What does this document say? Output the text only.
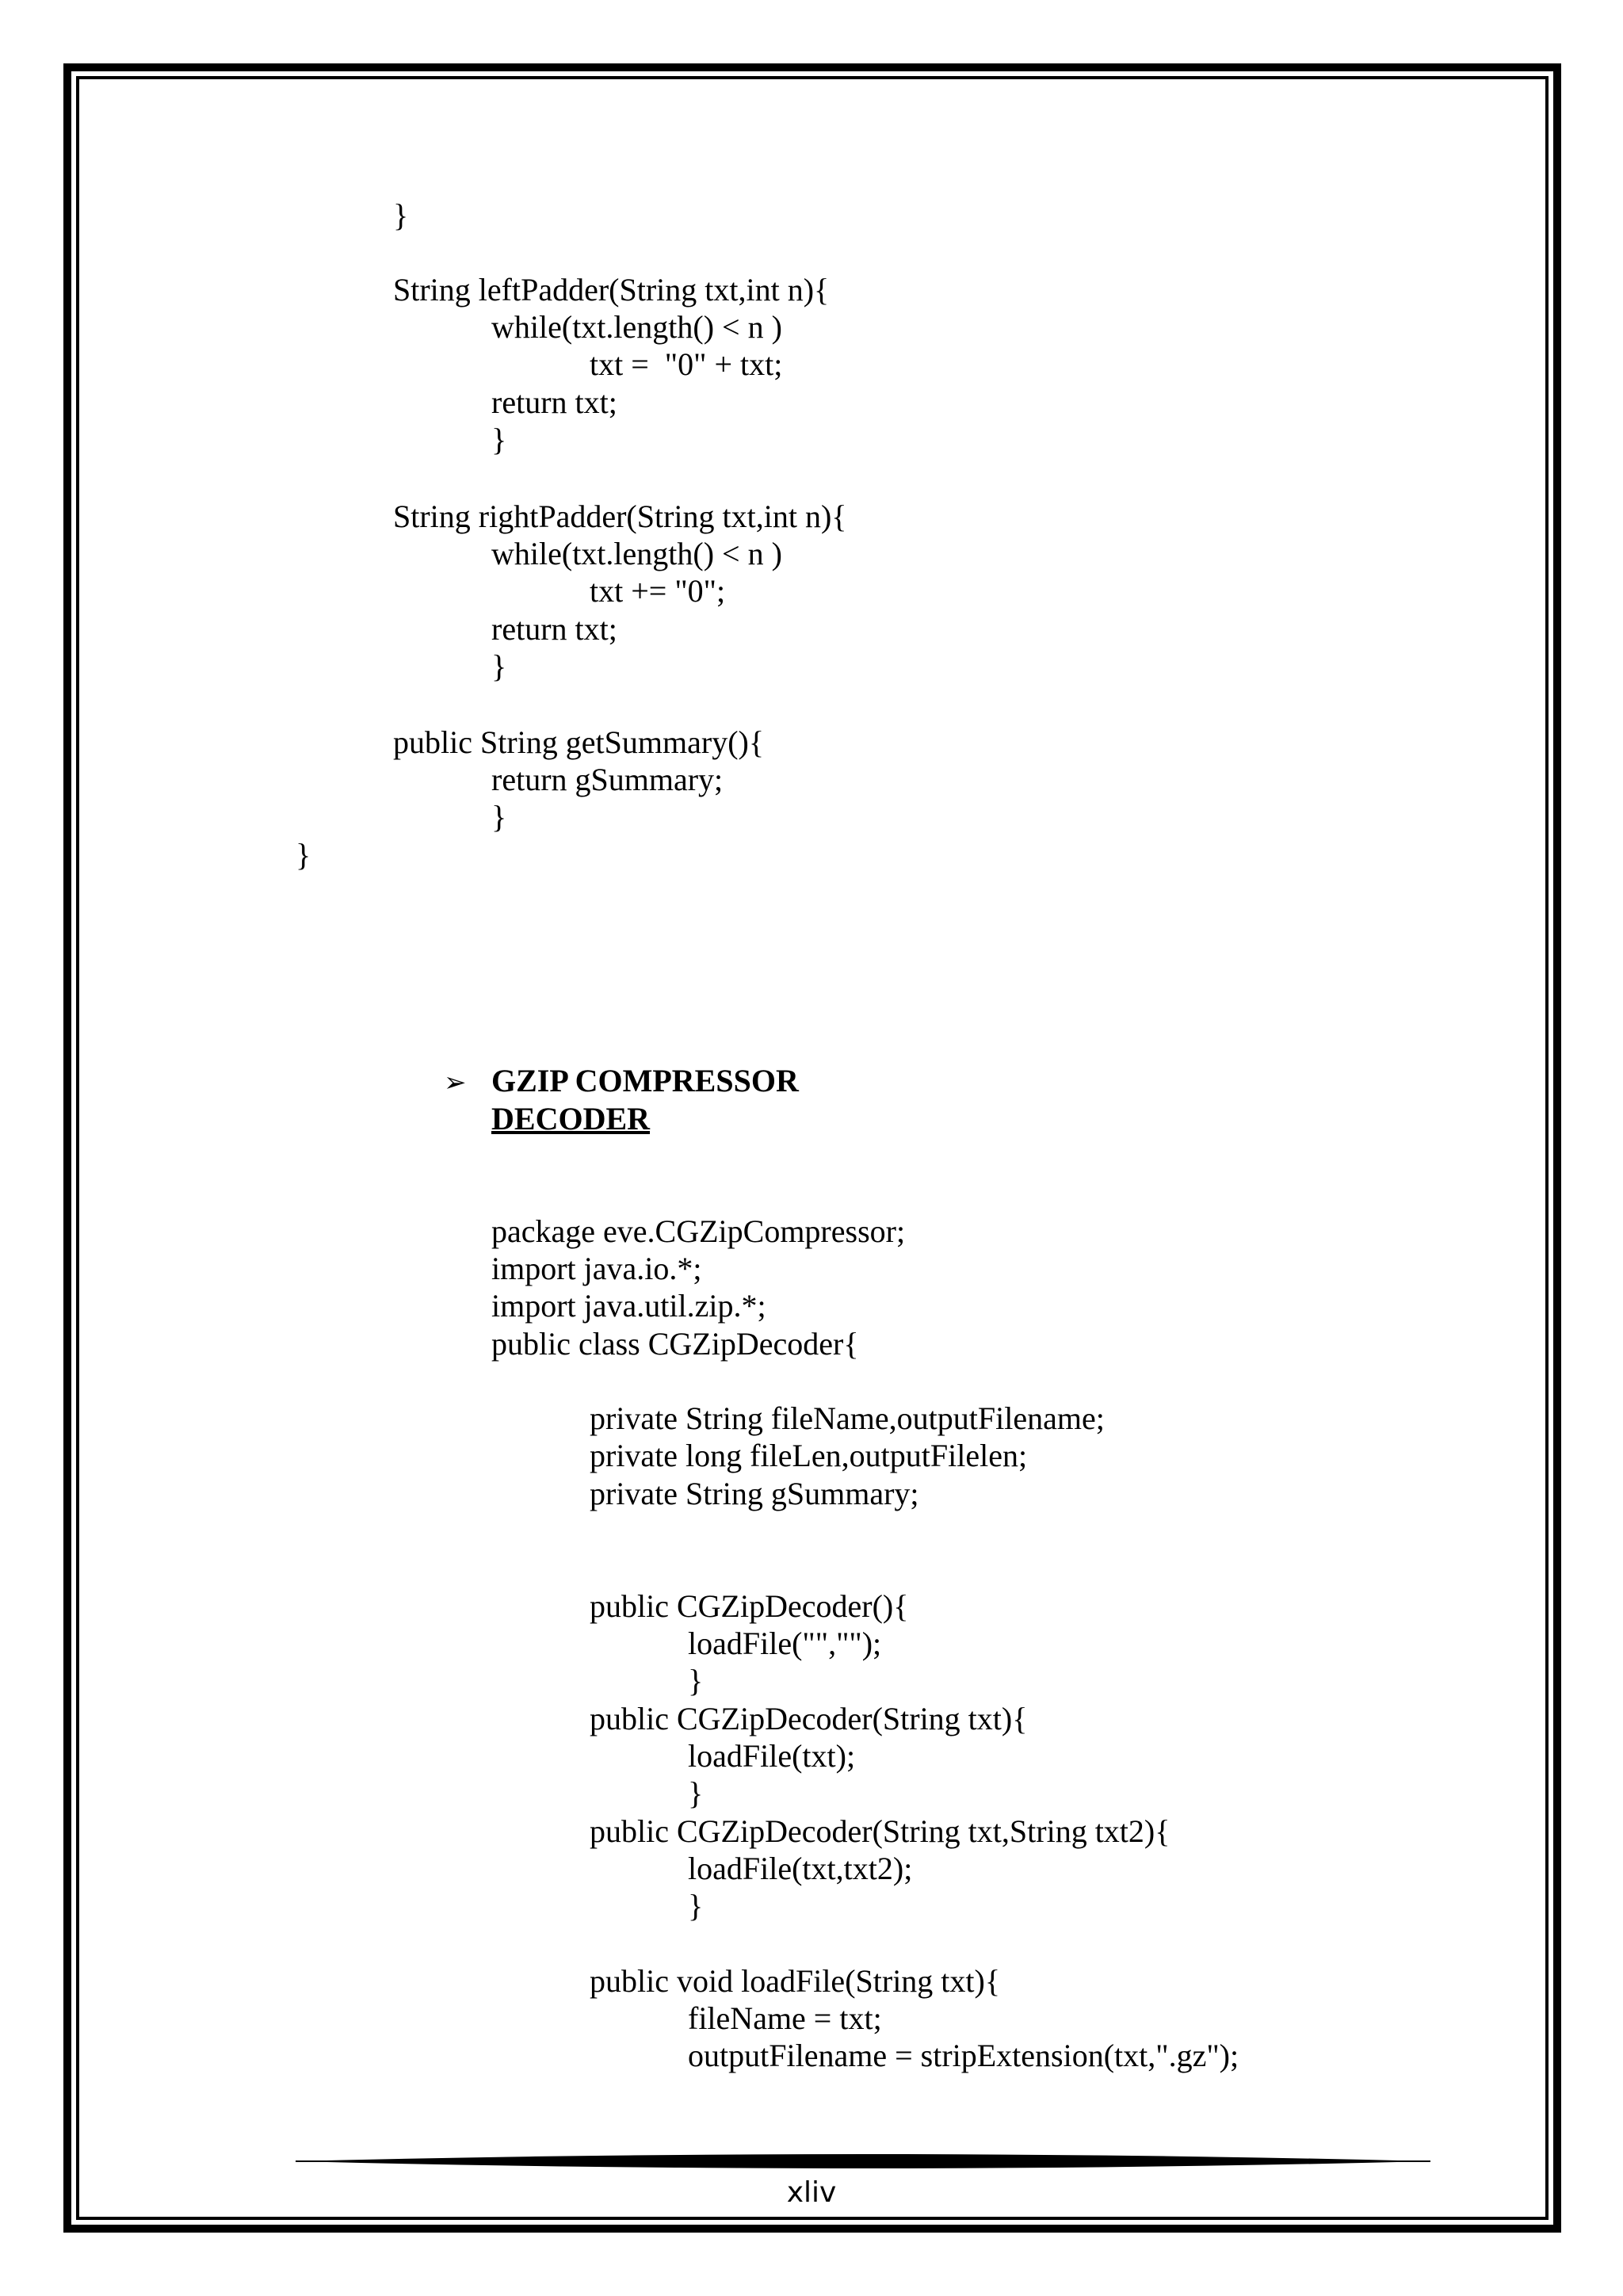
}
String leftPadder(String txt,int n){
while(txt.length() < n )
txt =  "0" + txt;
return txt;
}
String rightPadder(String txt,int n){
while(txt.length() < n )
txt += "0";
return txt;
}
public String getSummary(){
return gSummary;
}
}
➢ GZIP COMPRESSOR
DECODER
package eve.CGZipCompressor;
import java.io.*;
import java.util.zip.*;
public class CGZipDecoder{
private String fileName,outputFilename;
private long fileLen,outputFilelen;
private String gSummary;
public CGZipDecoder(){
loadFile("","");
}
public CGZipDecoder(String txt){
loadFile(txt);
}
public CGZipDecoder(String txt,String txt2){
loadFile(txt,txt2);
}
public void loadFile(String txt){
fileName = txt;
outputFilename = stripExtension(txt,".gz");
xliv
